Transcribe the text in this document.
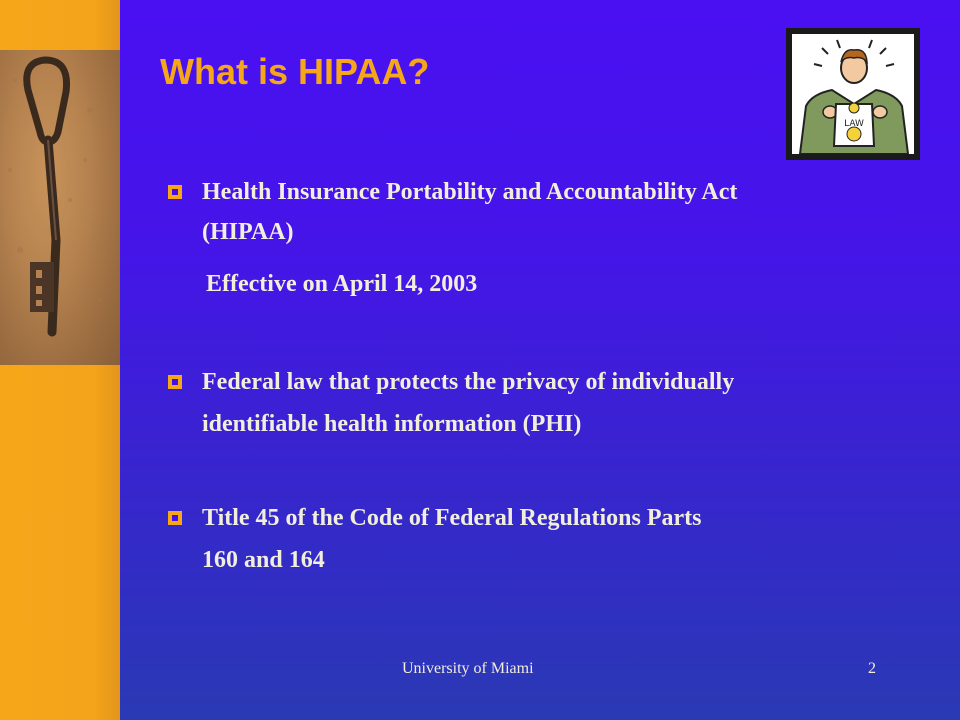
What is HIPAA?
LAW

Health Insurance Portability and Accountability Act

(HIPAA)

Effective on April 14, 2003

Federal law that protects the privacy of individually

identifiable health information (PHI)

Title 45 of the Code of Federal Regulations Parts

160 and 164

University of Miami	2
